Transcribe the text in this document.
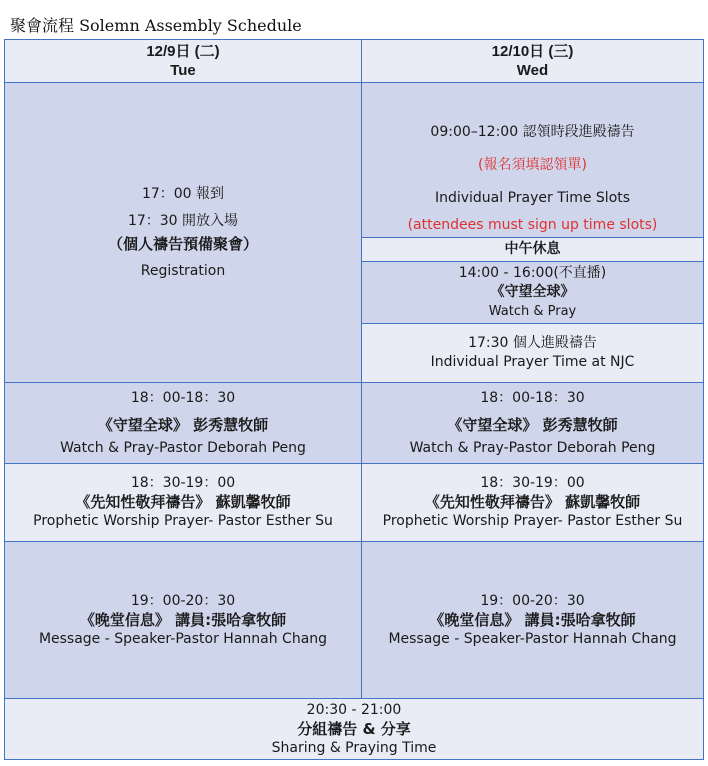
聚會流程 Solemn Assembly Schedule
12/9日 (二)
Tue
12/10日 (三)
Wed
17：00 報到
17：30 開放入場
（個人禱告預備聚會）
Registration
09:00–12:00 認領時段進殿禱告
(報名須填認領單)
Individual Prayer Time Slots
(attendees must sign up time slots)
中午休息
14:00 - 16:00(不直播)
《守望全球》
Watch & Pray
17:30 個人進殿禱告
Individual Prayer Time at NJC
18：00-18：30
《守望全球》 彭秀慧牧師
Watch & Pray-Pastor Deborah Peng
18：00-18：30
《守望全球》 彭秀慧牧師
Watch & Pray-Pastor Deborah Peng
18：30-19：00
《先知性敬拜禱告》 蘇凱馨牧師
Prophetic Worship Prayer- Pastor Esther Su
18：30-19：00
《先知性敬拜禱告》 蘇凱馨牧師
Prophetic Worship Prayer- Pastor Esther Su
19：00-20：30
《晚堂信息》 講員:張哈拿牧師
Message - Speaker-Pastor Hannah Chang
19：00-20：30
《晚堂信息》 講員:張哈拿牧師
Message - Speaker-Pastor Hannah Chang
20:30 - 21:00
分組禱告 & 分享
Sharing & Praying Time
